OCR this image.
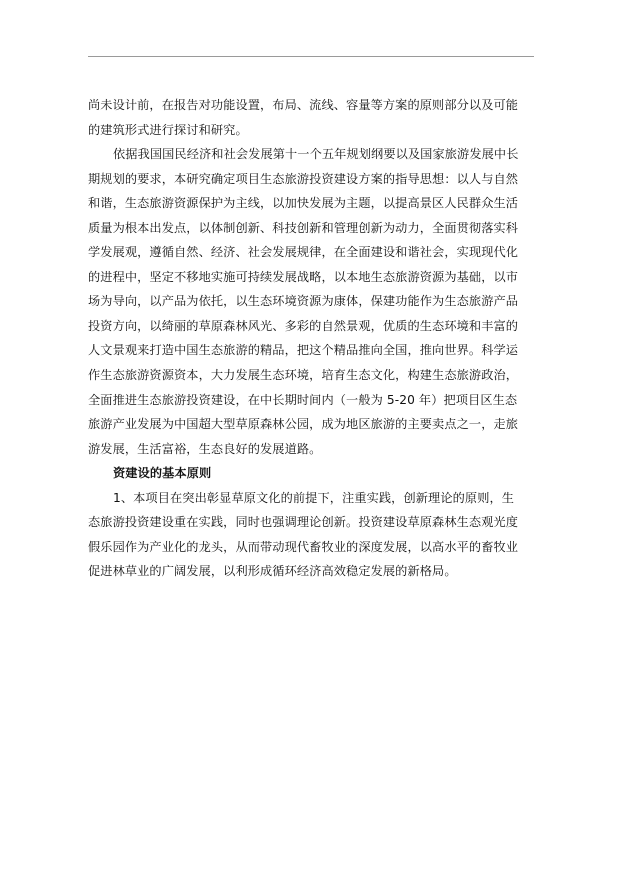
尚未设计前，在报告对功能设置，布局、流线、容量等方案的原则部分以及可能
的建筑形式进行探讨和研究。
依据我国国民经济和社会发展第十一个五年规划纲要以及国家旅游发展中长
期规划的要求，本研究确定项目生态旅游投资建设方案的指导思想：以人与自然
和谐，生态旅游资源保护为主线，以加快发展为主题，以提高景区人民群众生活
质量为根本出发点，以体制创新、科技创新和管理创新为动力，全面贯彻落实科
学发展观，遵循自然、经济、社会发展规律，在全面建设和谐社会，实现现代化
的进程中，坚定不移地实施可持续发展战略，以本地生态旅游资源为基础，以市
场为导向，以产品为依托，以生态环境资源为康体，保建功能作为生态旅游产品
投资方向，以绮丽的草原森林风光、多彩的自然景观，优质的生态环境和丰富的
人文景观来打造中国生态旅游的精品，把这个精品推向全国，推向世界。科学运
作生态旅游资源资本，大力发展生态环境，培育生态文化，构建生态旅游政治，
全面推进生态旅游投资建设，在中长期时间内（一般为 5-20 年）把项目区生态
旅游产业发展为中国超大型草原森林公园，成为地区旅游的主要卖点之一，走旅
游发展，生活富裕，生态良好的发展道路。
资建设的基本原则
1、本项目在突出彰显草原文化的前提下，注重实践，创新理论的原则，生
态旅游投资建设重在实践，同时也强调理论创新。投资建设草原森林生态观光度
假乐园作为产业化的龙头，从而带动现代畜牧业的深度发展，以高水平的畜牧业
促进林草业的广阔发展，以利形成循环经济高效稳定发展的新格局。
